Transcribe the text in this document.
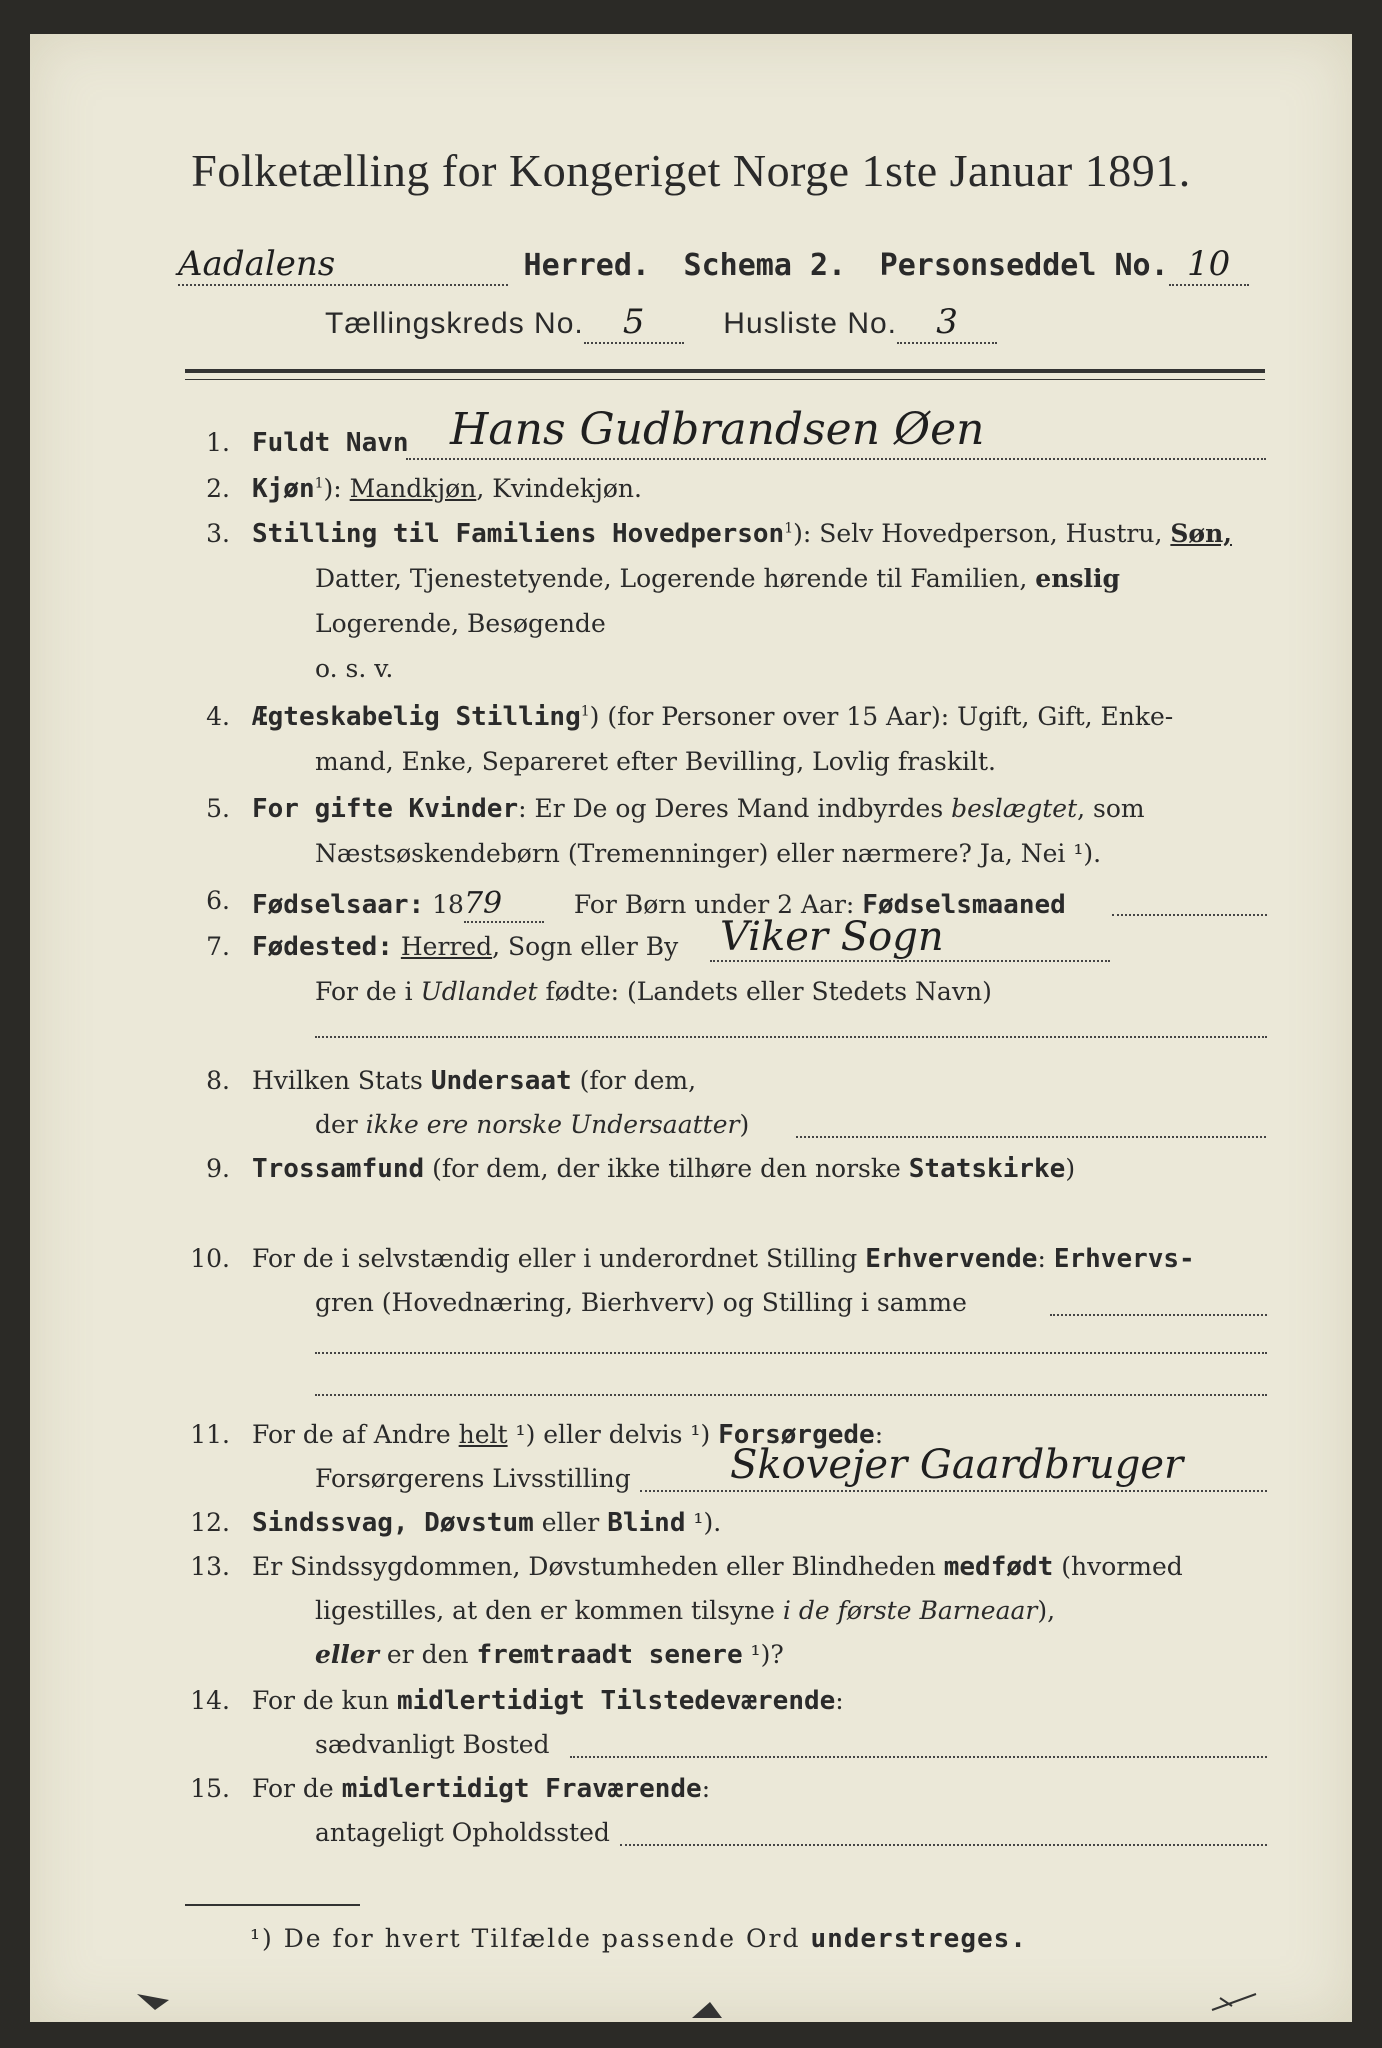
Folketælling for Kongeriget Norge 1ste Januar 1891.
Aadalens	Herred. Schema 2. Personseddel No. 10
Tællingskreds No. 5	Husliste No. 3
1. Fuldt Navn Hans Gudbrandsen Øen
2. Kjøn$^1$): Mandkjøn, Kvindekjøn.
3. Stilling til Familiens Hovedperson$^1$): Selv Hovedperson, Hustru, Søn,
Datter, Tjenestetyende, Logerende hørende til Familien, enslig
Logerende, Besøgende
o. s. v.
4. Ægteskabelig Stilling$^1$) (for Personer over 15 Aar): Ugift, Gift, Enke-
mand, Enke, Separeret efter Bevilling, Lovlig fraskilt.
5. For gifte Kvinder: Er De og Deres Mand indbyrdes beslægtet, som
Næstsøskendebørn (Tremenninger) eller nærmere? Ja, Nei ¹).
6. Fødselsaar: 1879	For Børn under 2 Aar: Fødselsmaaned
7. Fødested: Herred, Sogn eller By Viker Sogn
For de i Udlandet fødte: (Landets eller Stedets Navn)
8. Hvilken Stats Undersaat (for dem,
der ikke ere norske Undersaatter)
9. Trossamfund (for dem, der ikke tilhøre den norske Statskirke)
10. For de i selvstændig eller i underordnet Stilling Erhvervende: Erhvervs-
gren (Hovednæring, Bierhverv) og Stilling i samme
11. For de af Andre helt ¹) eller delvis ¹) Forsørgede:
Forsørgerens Livsstilling Skovejer Gaardbruger
12. Sindssvag, Døvstum eller Blind ¹).
13. Er Sindssygdommen, Døvstumheden eller Blindheden medfødt (hvormed
ligestilles, at den er kommen tilsyne i de første Barneaar),
eller er den fremtraadt senere ¹)?
14. For de kun midlertidigt Tilstedeværende:
sædvanligt Bosted
15. For de midlertidigt Fraværende:
antageligt Opholdssted
¹) De for hvert Tilfælde passende Ord understreges.
